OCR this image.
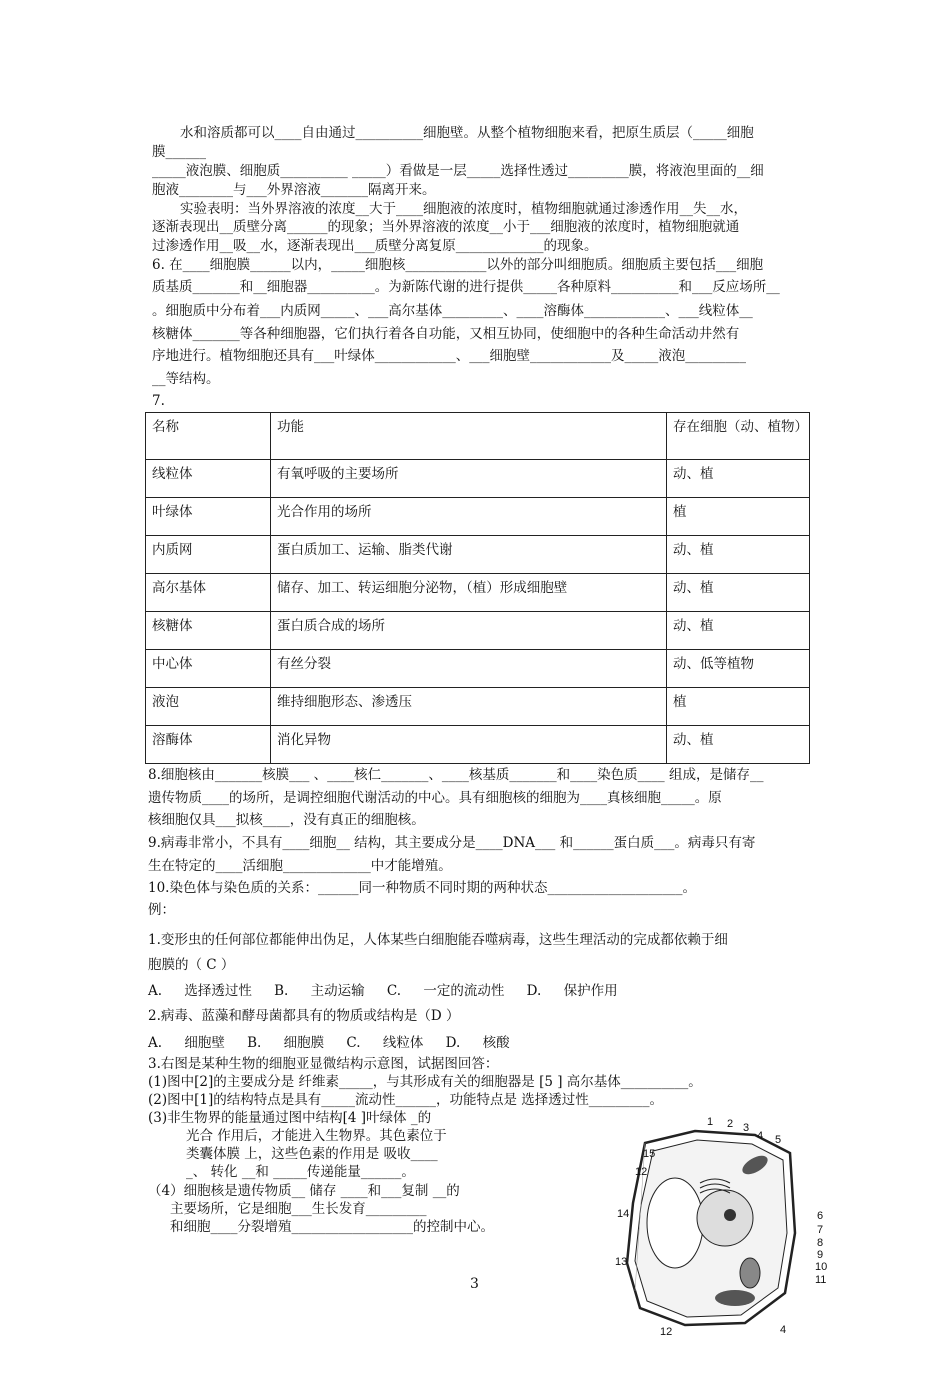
水和溶质都可以____自由通过__________细胞壁。从整个植物细胞来看，把原生质层（_____细胞
膜______
_____液泡膜、细胞质__________ _____）看做是一层_____选择性透过_________膜，将液泡里面的__细
胞液________与___外界溶液_______隔离开来。
实验表明：当外界溶液的浓度__大于____细胞液的浓度时，植物细胞就通过渗透作用__失__水，
逐渐表现出__质壁分离______的现象；当外界溶液的浓度__小于___细胞液的浓度时，植物细胞就通
过渗透作用__吸__水，逐渐表现出___质壁分离复原_____________的现象。
6. 在____细胞膜______以内，_____细胞核____________以外的部分叫细胞质。细胞质主要包括___细胞
质基质_______和__细胞器__________。为新陈代谢的进行提供_____各种原料__________和___反应场所__
。细胞质中分布着___内质网_____、___高尔基体_________、____溶酶体____________、___线粒体__
核糖体_______等各种细胞器，它们执行着各自功能，又相互协同，使细胞中的各种生命活动井然有
序地进行。植物细胞还具有___叶绿体____________、___细胞壁____________及_____液泡_________
__等结构。
7.
名称	功能	存在细胞（动、植物）
线粒体	有氧呼吸的主要场所	动、植
叶绿体	光合作用的场所	植
内质网	蛋白质加工、运输、脂类代谢	动、植
高尔基体	储存、加工、转运细胞分泌物，（植）形成细胞壁	动、植
核糖体	蛋白质合成的场所	动、植
中心体	有丝分裂	动、低等植物
液泡	维持细胞形态、渗透压	植
溶酶体	消化异物	动、植
8.细胞核由_______核膜___ 、____核仁_______、____核基质_______和____染色质____ 组成，是储存__
遗传物质____的场所，是调控细胞代谢活动的中心。具有细胞核的细胞为____真核细胞_____。原
核细胞仅具___拟核____，没有真正的细胞核。
9.病毒非常小，不具有____细胞__ 结构，其主要成分是____DNA___ 和______蛋白质___。病毒只有寄
生在特定的____活细胞_____________中才能增殖。
10.染色体与染色质的关系：______同一种物质不同时期的两种状态____________________。
例：
1.变形虫的任何部位都能伸出伪足，人体某些白细胞能吞噬病毒，这些生理活动的完成都依赖于细
胞膜的（ C ）
A. 选择透过性 B. 主动运输 C. 一定的流动性 D. 保护作用
2.病毒、蓝藻和酵母菌都具有的物质或结构是（D ）
A. 细胞壁 B. 细胞膜 C. 线粒体 D. 核酸
3.右图是某种生物的细胞亚显微结构示意图，试据图回答：
(1)图中[2]的主要成分是 纤维素_____，与其形成有关的细胞器是 [5 ] 高尔基体__________。
(2)图中[1]的结构特点是具有_____流动性______，功能特点是 选择透过性_________。
(3)非生物界的能量通过图中结构[4 ]叶绿体 _的
光合 作用后，才能进入生物界。其色素位于
类囊体膜 上，这些色素的作用是 吸收____
_、 转化 __和 _____传递能量______。
（4）细胞核是遗传物质__ 储存 ____和___复制 __的
主要场所，它是细胞___生长发育_________
和细胞____分裂增殖__________________的控制中心。
1 2 3
4 5
6
7
8
9
10
11
12
13
14
15
12	4
3
